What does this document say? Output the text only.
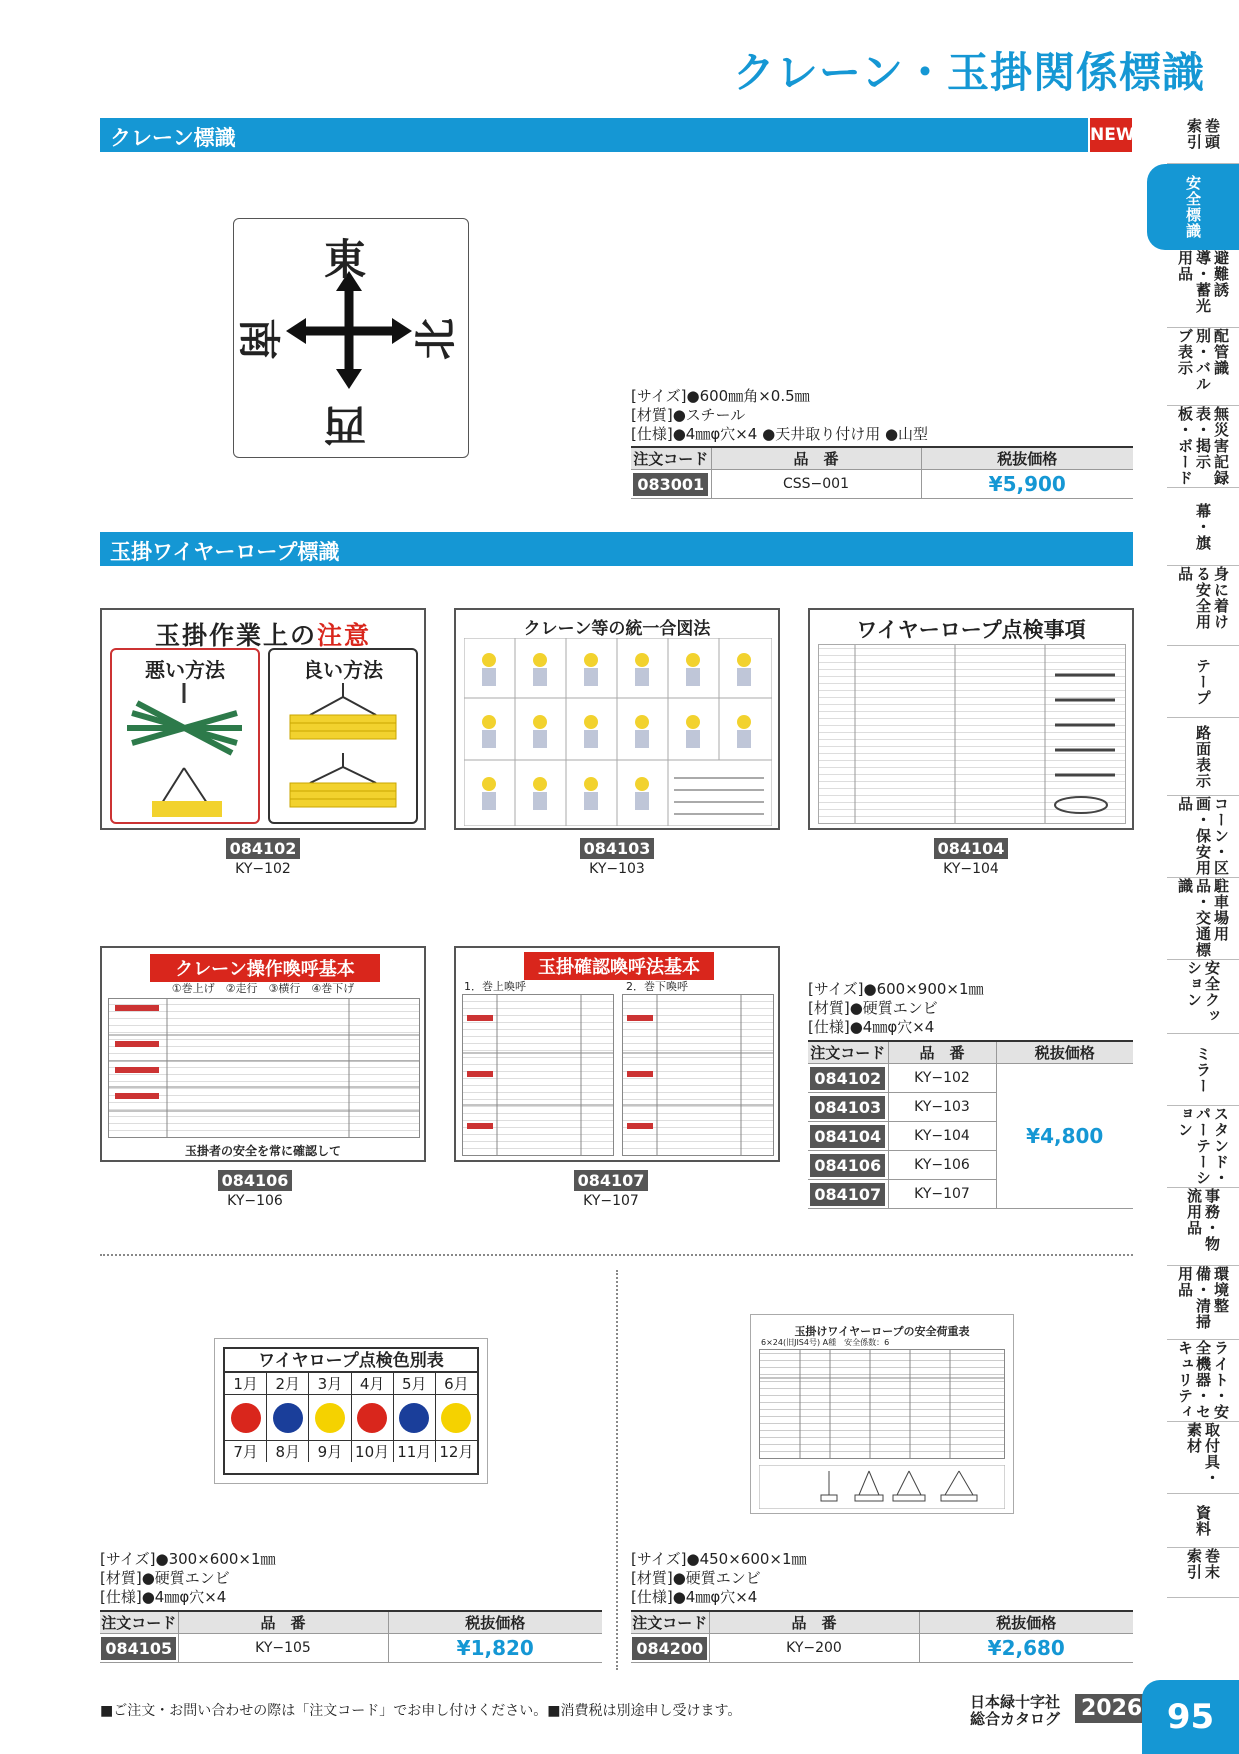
クレーン・玉掛関係標識
クレーン標識	NEW
東
西
南	北
[サイズ]●600㎜角×0.5㎜
[材質]●スチール
[仕様]●4㎜φ穴×4 ●天井取り付け用 ●山型
注文コード	品　番	税抜価格
083001	CSS−001	¥5,900
玉掛ワイヤーロープ標識
玉掛作業上の注意
悪い方法	良い方法
084102
KY−102
クレーン等の統一合図法
084103
KY−103
ワイヤーロープ点検事項
084104
KY−104
クレーン操作喚呼基本
①巻上げ　②走行　③横行　④巻下げ
玉掛者の安全を常に確認して
084106
KY−106
玉掛確認喚呼法基本
1．巻上喚呼	2．巻下喚呼
084107
KY−107
[サイズ]●600×900×1㎜
[材質]●硬質エンビ
[仕様]●4㎜φ穴×4
注文コード	品　番	税抜価格
084102	KY−102	¥4,800
084103	KY−103	
084104	KY−104	
084106	KY−106	
084107	KY−107	
ワイヤロープ点検色別表
1月	2月	3月	4月	5月	6月
7月	8月	9月 10月 11月 12月
[サイズ]●300×600×1㎜
[材質]●硬質エンビ
[仕様]●4㎜φ穴×4
注文コード	品　番	税抜価格
084105	KY−105	¥1,820
玉掛けワイヤーロープの安全荷重表
6×24(旧JIS4号) A種　安全係数：6
[サイズ]●450×600×1㎜
[材質]●硬質エンビ
[仕様]●4㎜φ穴×4
注文コード	品　番	税抜価格
084200	KY−200	¥2,680
巻頭 索引
安全標識
避難誘導・蓄光用品
配管識別・バルブ表示
無災害記録表・掲示板・ボード
幕・旗
身に着ける安全用品
テープ
路面表示
コーン・区画・保安用品
駐車場用品・交通標識
安全クッション
ミラー
スタンド・パーテーション
事務・物流用品
環境整備・清掃用品
ライト・安全機器・セキュリティ
取付具・素材
資料
巻末 索引
■ご注文・お問い合わせの際は「注文コード」でお申し付けください。■消費税は別途申し受けます。	日本緑十字社
総合カタログ 2026 95
